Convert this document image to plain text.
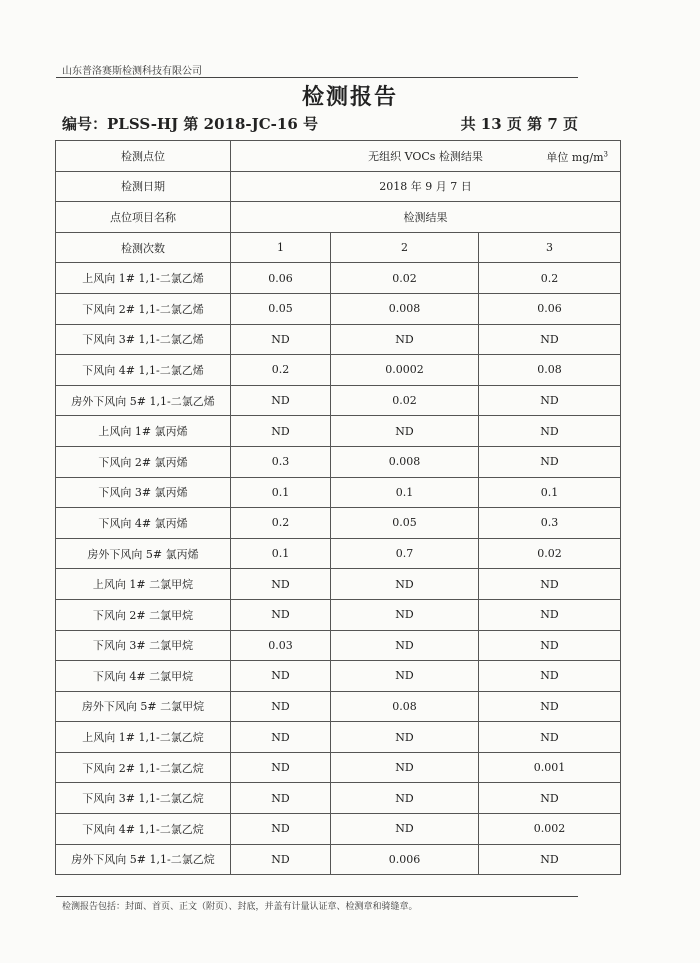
山东普洛赛斯检测科技有限公司
检测报告
编号：PLSS-HJ 第 2018-JC-16 号	共 13 页 第 7 页
检测点位	无组织 VOCs 检测结果 单位 $mg/m^3$

检测日期	2018 年 9 月 7 日		
点位项目名称	检测结果		
检测次数	1	2	3
上风向 1# 1,1-二氯乙烯	0.06	0.02	0.2
下风向 2# 1,1-二氯乙烯	0.05	0.008	0.06
下风向 3# 1,1-二氯乙烯	ND	ND	ND
下风向 4# 1,1-二氯乙烯	0.2	0.0002	0.08
房外下风向 5# 1,1-二氯乙烯	ND	0.02	ND
上风向 1# 氯丙烯	ND	ND	ND
下风向 2# 氯丙烯	0.3	0.008	ND
下风向 3# 氯丙烯	0.1	0.1	0.1
下风向 4# 氯丙烯	0.2	0.05	0.3
房外下风向 5# 氯丙烯	0.1	0.7	0.02
上风向 1# 二氯甲烷	ND	ND	ND
下风向 2# 二氯甲烷	ND	ND	ND
下风向 3# 二氯甲烷	0.03	ND	ND
下风向 4# 二氯甲烷	ND	ND	ND
房外下风向 5# 二氯甲烷	ND	0.08	ND
上风向 1# 1,1-二氯乙烷	ND	ND	ND
下风向 2# 1,1-二氯乙烷	ND	ND	0.001
下风向 3# 1,1-二氯乙烷	ND	ND	ND
下风向 4# 1,1-二氯乙烷	ND	ND	0.002
房外下风向 5# 1,1-二氯乙烷	ND	0.006	ND
检测报告包括：封面、首页、正文（附页）、封底，并盖有计量认证章、检测章和骑缝章。
